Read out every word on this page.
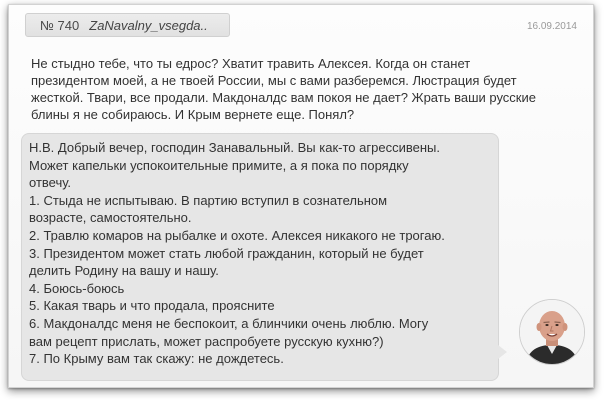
№ 740 ZaNavalny_vsegda..	16.09.2014

Не стыдно тебе, что ты едрос? Хватит травить Алексея. Когда он станет
президентом моей, а не твоей России, мы с вами разберемся. Люстрация будет
жесткой. Твари, все продали. Макдоналдс вам покоя не дает? Жрать ваши русские
блины я не собираюсь. И Крым вернете еще. Понял?

Н.В. Добрый вечер, господин Занавальный. Вы как-то агрессивены.
Может капельки успокоительные примите, а я пока по порядку
отвечу.
1. Стыда не испытываю. В партию вступил в сознательном
возрасте, самостоятельно.
2. Травлю комаров на рыбалке и охоте. Алексея никакого не трогаю.
3. Президентом может стать любой гражданин, который не будет
делить Родину на вашу и нашу.
4. Боюсь-боюсь
5. Какая тварь и что продала, проясните
6. Макдоналдс меня не беспокоит, а блинчики очень люблю. Могу
вам рецепт прислать, может распробуете русскую кухню?)
7. По Крыму вам так скажу: не дождетесь.
